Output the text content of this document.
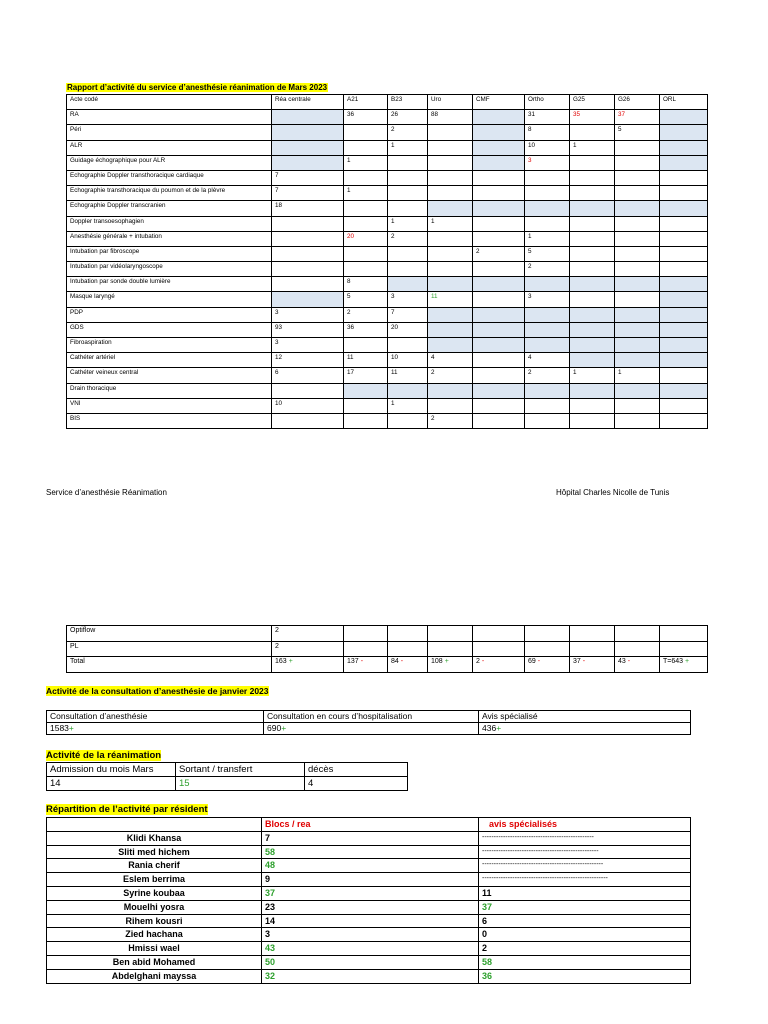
Rapport d’activité du service d’anesthésie réanimation de Mars 2023
Acte codé	Réa centrale	A21	B23	Uro	CMF	Ortho	G25	G26	ORL
RA		36	26	88		31	35	37	
Péri			2			8		5	
ALR			1			10	1		
Guidage échographique pour ALR		1				3			
Echographie Doppler transthoracique cardiaque	7								
Echographie transthoracique du poumon et de la plèvre	7	1							
Echographie Doppler transcranien	18								
Doppler transoesophagien			1	1					
Anesthésie générale + intubation		20	2			1			
Intubation par fibroscope					2	5			
Intubation par vidéolaryngoscope						2			
Intubation par sonde double lumière		8							
Masque laryngé		5	3	11		3			
PDP	3	2	7						
GDS	93	36	20						
Fibroaspiration	3								
Cathéter artériel	12	11	10	4		4			
Cathéter veineux central	6	17	11	2		2	1	1	
Drain thoracique									
VNI	10		1						
BIS				2					
Service d’anesthésie Réanimation	Hôpital Charles Nicolle de Tunis
Optiflow	2								
PL	2								
Total	163 +	137 -	84 -	108 +	2 -	69 -	37 -	43 -	T=643 +
Activité de la consultation d’anesthésie de janvier 2023
Consultation d’anesthésie	Consultation en cours d’hospitalisation	Avis spécialisé
1583+	690+	436+
Activité de la réanimation
Admission du mois Mars	Sortant / transfert	décès
14	15	4
Répartition de l’activité par résident
	Blocs / rea	avis spécialisés
Klidi Khansa	7	------------------------------------------------
Sliti med hichem	58	--------------------------------------------------
Rania cherif	48	----------------------------------------------------
Eslem berrima	9	------------------------------------------------------
Syrine koubaa	37	11
Mouelhi yosra	23	37
Rihem kousri	14	6
Zied hachana	3	0
Hmissi wael	43	2
Ben abid Mohamed	50	58
Abdelghani mayssa	32	36
